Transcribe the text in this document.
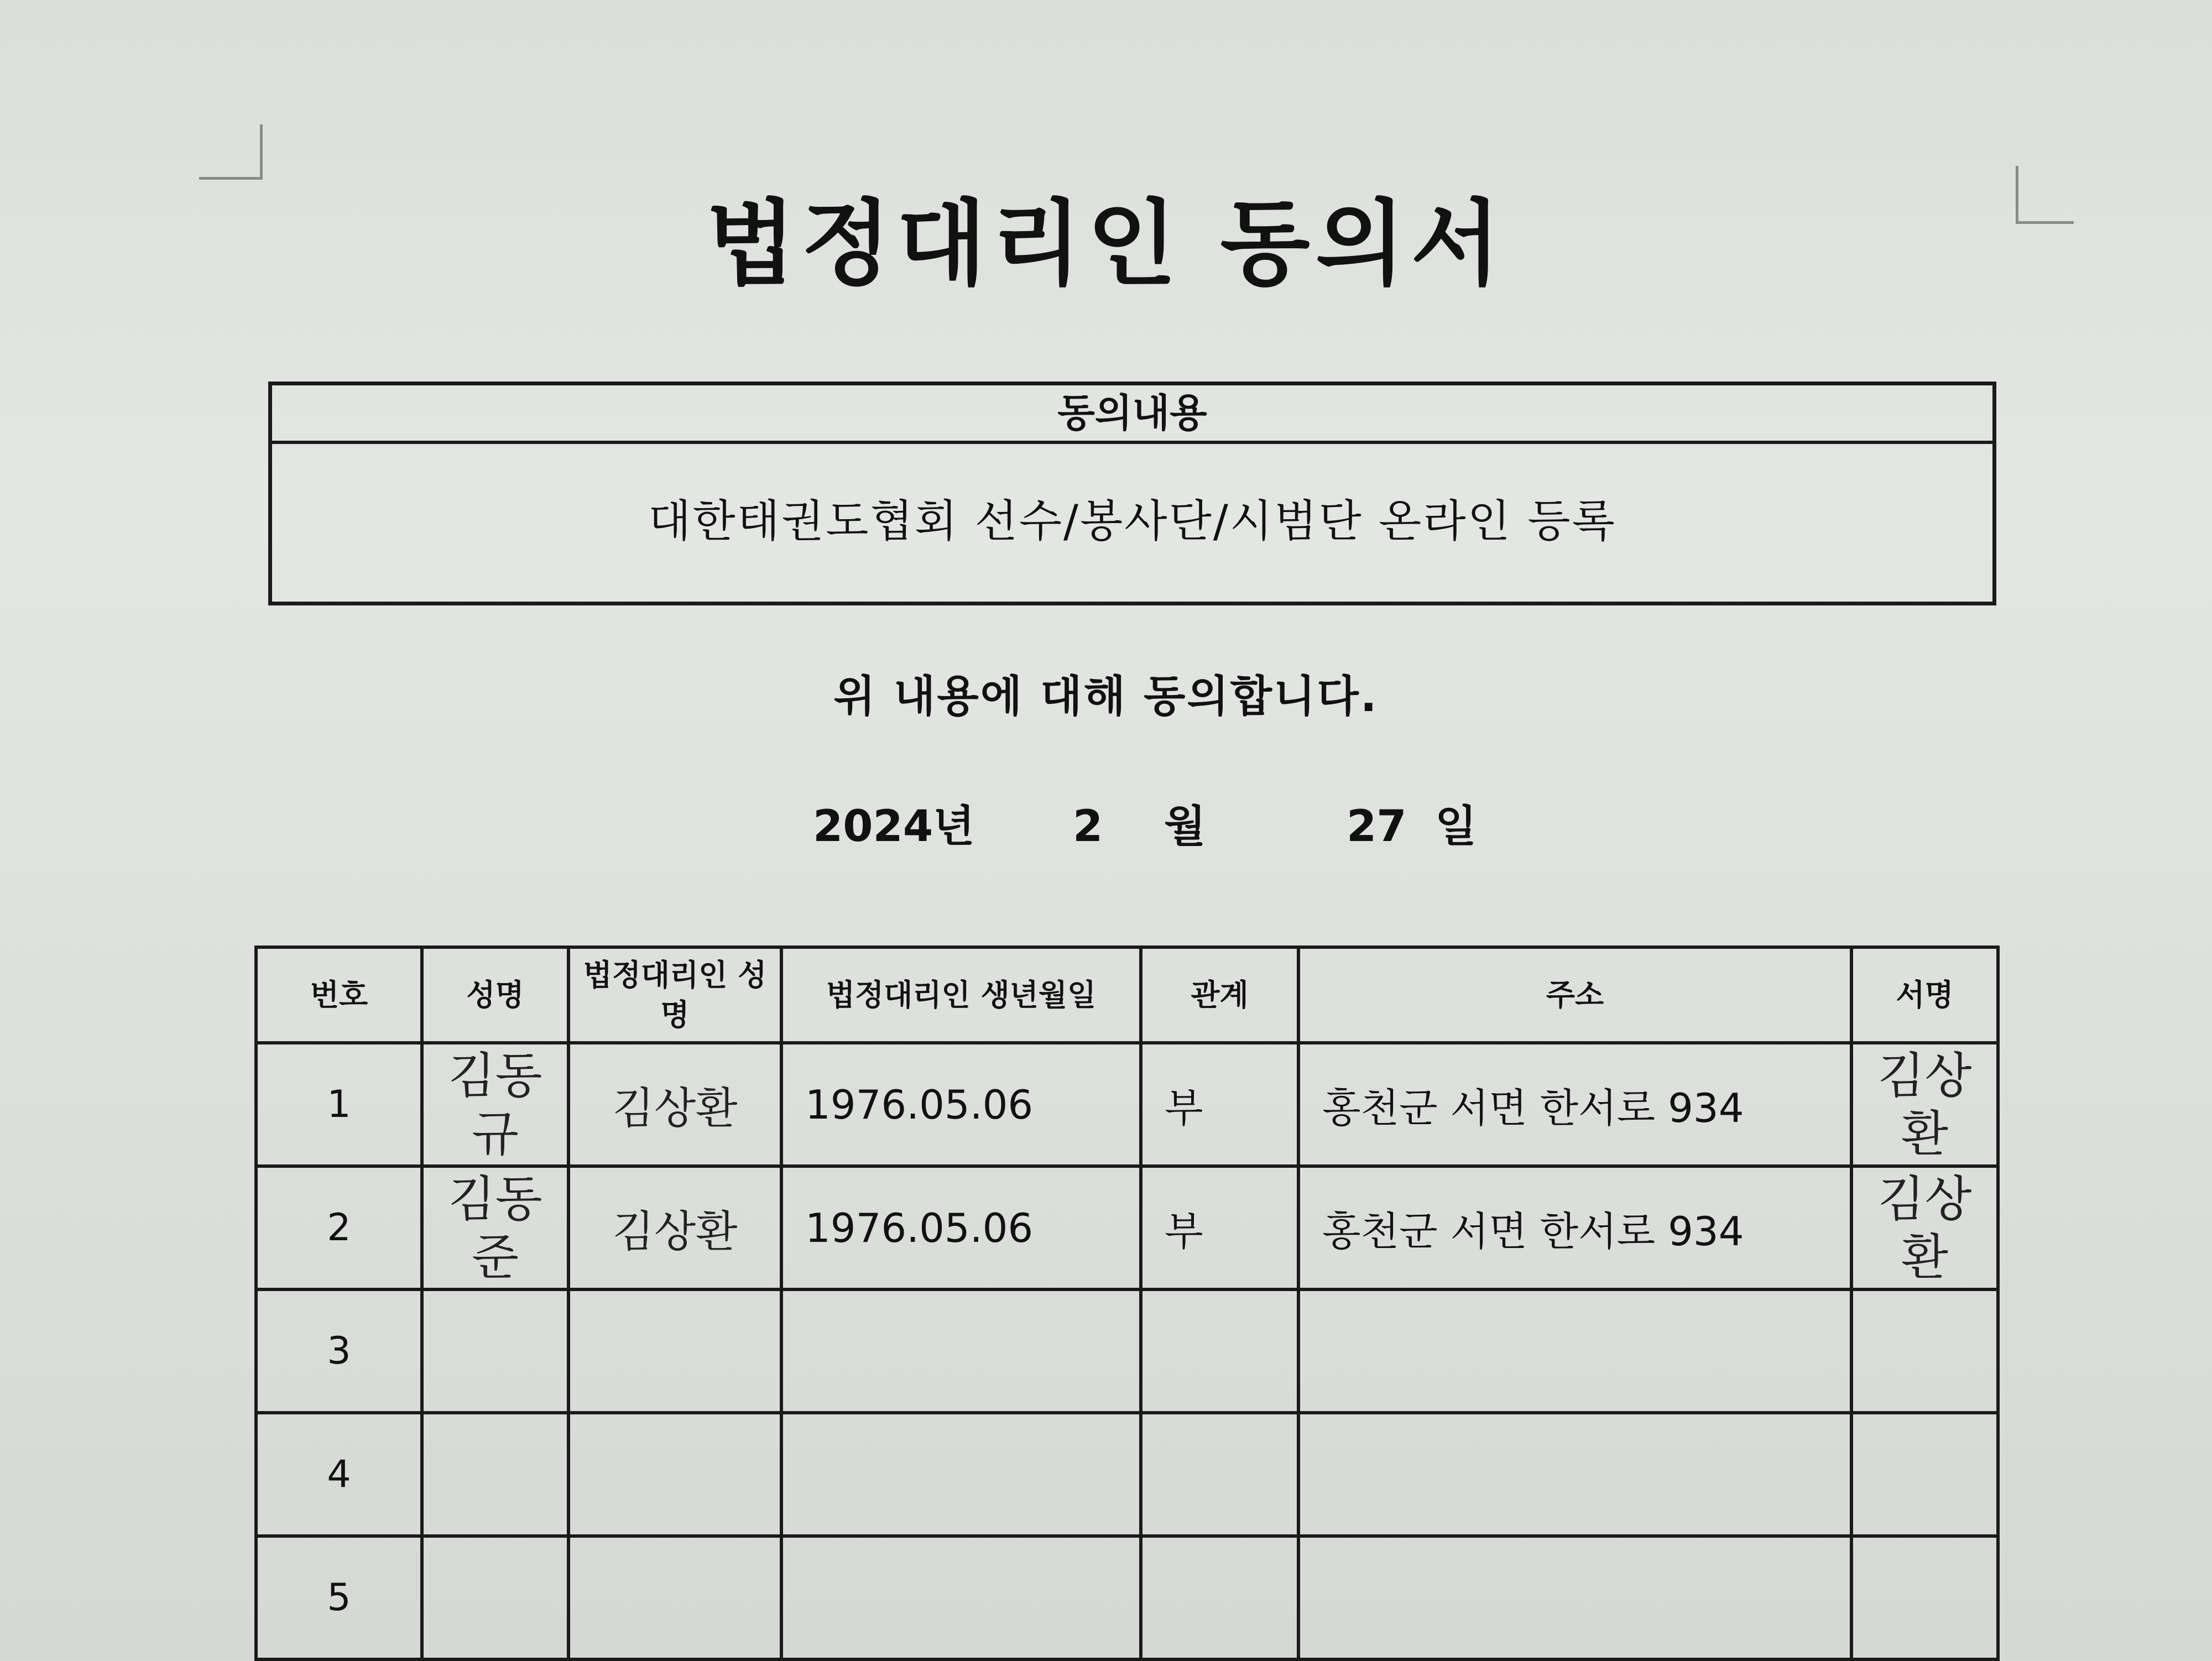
법정대리인 동의서
동의내용
대한태권도협회 선수/봉사단/시범단 온라인 등록
위 내용에 대해 동의합니다.
2024년 2 월	27 일
번호	성명	법정대리인 성명	법정대리인 생년월일	관계	주소	서명
1	김동규	김상환	1976.05.06	부	홍천군 서면 한서로 934	김상환
2	김동준	김상환	1976.05.06	부	홍천군 서면 한서로 934	김상환
3						
4						
5						
